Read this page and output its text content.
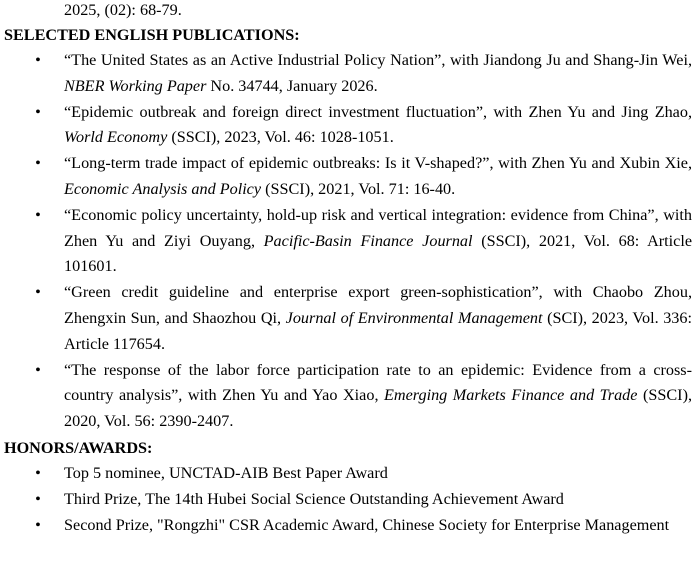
2025, (02): 68-79.

SELECTED ENGLISH PUBLICATIONS:
• “The United States as an Active Industrial Policy Nation”, with Jiandong Ju and Shang-Jin Wei, NBER Working Paper No. 34744, January 2026.
• “Epidemic outbreak and foreign direct investment fluctuation”, with Zhen Yu and Jing Zhao, World Economy (SSCI), 2023, Vol. 46: 1028-1051.
• “Long-term trade impact of epidemic outbreaks: Is it V-shaped?”, with Zhen Yu and Xubin Xie, Economic Analysis and Policy (SSCI), 2021, Vol. 71: 16-40.
• “Economic policy uncertainty, hold-up risk and vertical integration: evidence from China”, with Zhen Yu and Ziyi Ouyang, Pacific-Basin Finance Journal (SSCI), 2021, Vol. 68: Article 101601.
• “Green credit guideline and enterprise export green-sophistication”, with Chaobo Zhou, Zhengxin Sun, and Shaozhou Qi, Journal of Environmental Management (SCI), 2023, Vol. 336: Article 117654.
• “The response of the labor force participation rate to an epidemic: Evidence from a cross-country analysis”, with Zhen Yu and Yao Xiao, Emerging Markets Finance and Trade (SSCI), 2020, Vol. 56: 2390-2407.
HONORS/AWARDS:
• Top 5 nominee, UNCTAD-AIB Best Paper Award
• Third Prize, The 14th Hubei Social Science Outstanding Achievement Award
• Second Prize, "Rongzhi" CSR Academic Award, Chinese Society for Enterprise Management
